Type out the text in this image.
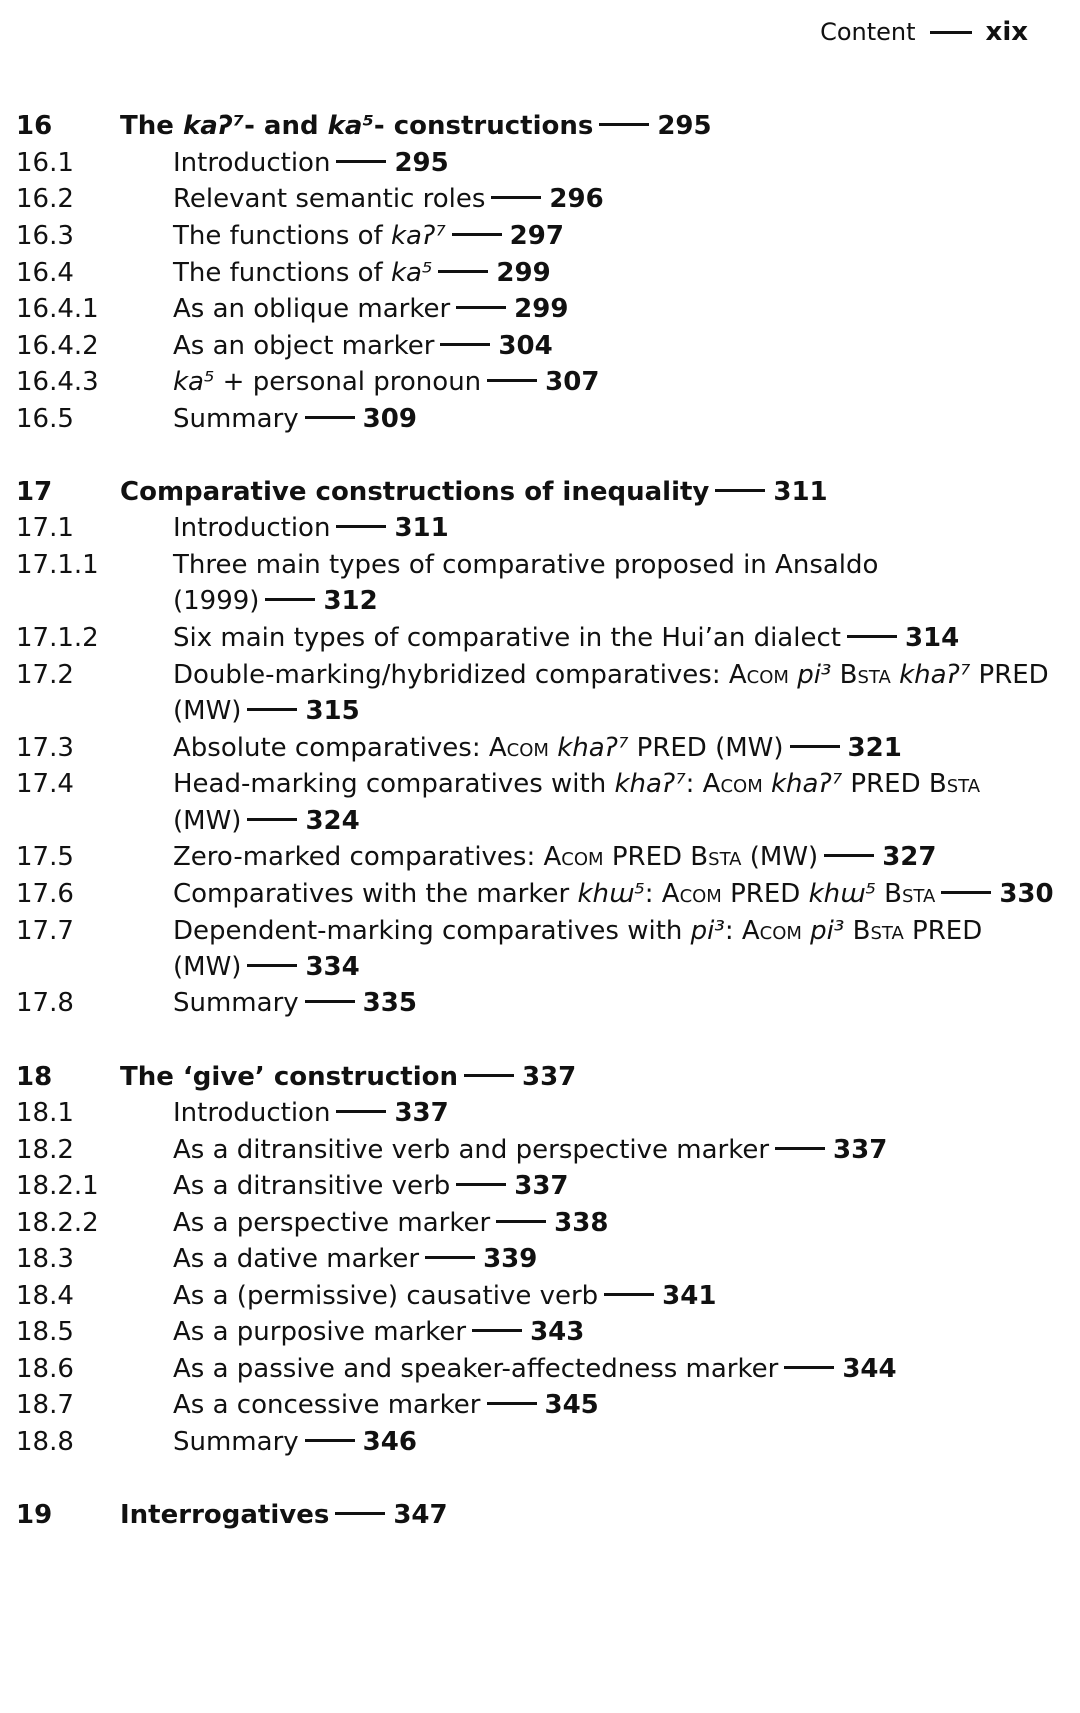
Content	xix
16	The kaʔ⁷- and ka⁵- constructions 295
16.1	Introduction 295
16.2	Relevant semantic roles 296
16.3	The functions of kaʔ⁷ 297
16.4	The functions of ka⁵ 299
16.4.1	As an oblique marker 299
16.4.2	As an object marker 304
16.4.3	ka⁵ + personal pronoun 307
16.5	Summary 309
17	Comparative constructions of inequality 311
17.1	Introduction 311
17.1.1	Three main types of comparative proposed in Ansaldo
(1999) 312
17.1.2	Six main types of comparative in the Hui’an dialect 314
17.2	Double-marking/hybridized comparatives: ACOM pi³ BSTA khaʔ⁷ PRED
(MW) 315
17.3	Absolute comparatives: ACOM khaʔ⁷ PRED (MW) 321
17.4	Head-marking comparatives with khaʔ⁷: ACOM khaʔ⁷ PRED BSTA
(MW) 324
17.5	Zero-marked comparatives: ACOM PRED BSTA (MW) 327
17.6	Comparatives with the marker khɯ⁵: ACOM PRED khɯ⁵ BSTA 330
17.7	Dependent-marking comparatives with pi³: ACOM pi³ BSTA PRED
(MW) 334
17.8	Summary 335
18	The ‘give’ construction 337
18.1	Introduction 337
18.2	As a ditransitive verb and perspective marker 337
18.2.1	As a ditransitive verb 337
18.2.2	As a perspective marker 338
18.3	As a dative marker 339
18.4	As a (permissive) causative verb 341
18.5	As a purposive marker 343
18.6	As a passive and speaker-affectedness marker 344
18.7	As a concessive marker 345
18.8	Summary 346
19	Interrogatives 347
